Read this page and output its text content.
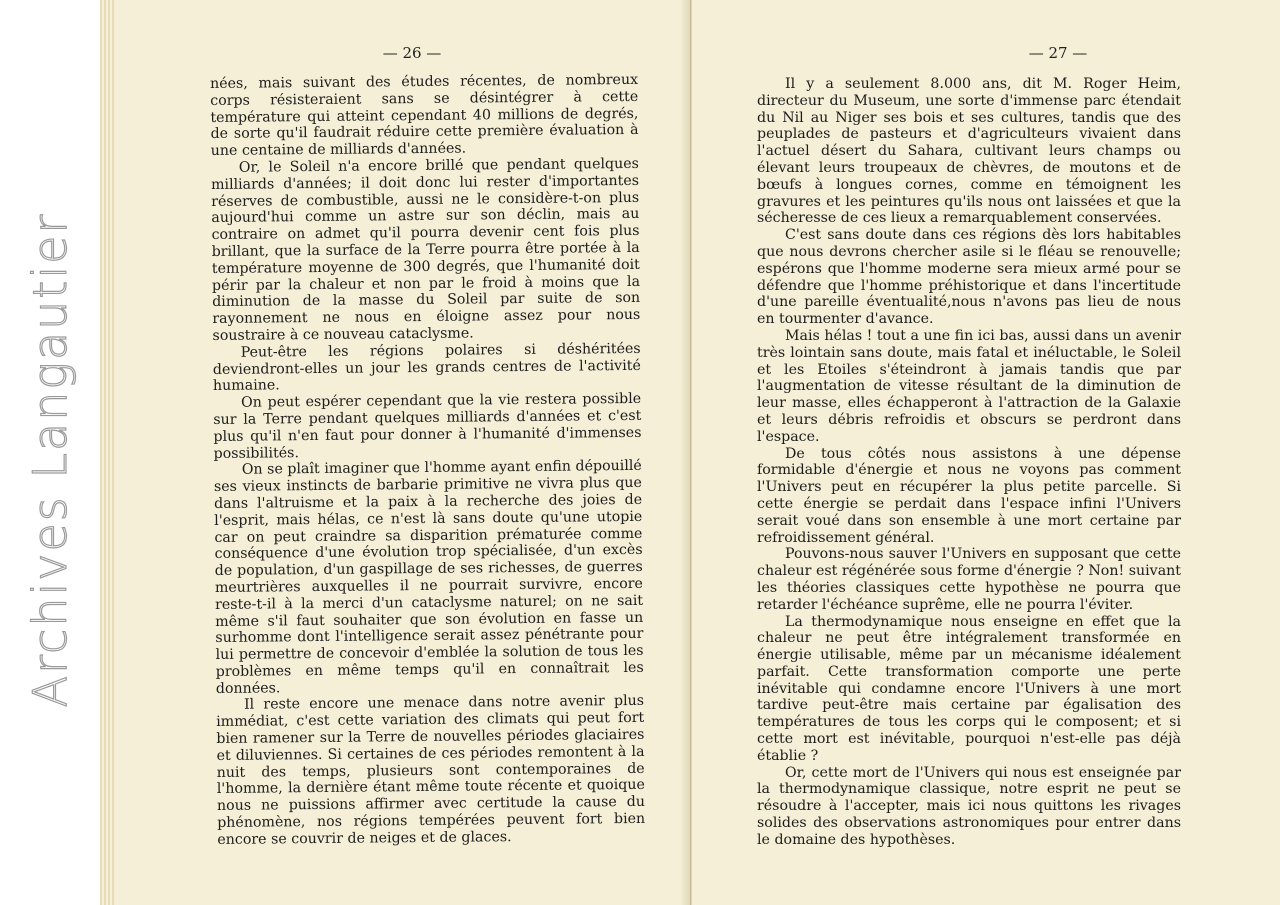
Archives Langautier
— 26 —

nées, mais suivant des études récentes, de nombreux corps résisteraient sans se désintégrer à cette température qui atteint cependant 40 millions de degrés, de sorte qu'il faudrait réduire cette première évaluation à une centaine de milliards d'années.

Or, le Soleil n'a encore brillé que pendant quelques milliards d'années; il doit donc lui rester d'importantes réserves de combustible, aussi ne le considère-t-on plus aujourd'hui comme un astre sur son déclin, mais au contraire on admet qu'il pourra devenir cent fois plus brillant, que la surface de la Terre pourra être portée à la température moyenne de 300 degrés, que l'humanité doit périr par la chaleur et non par le froid à moins que la diminution de la masse du Soleil par suite de son rayonnement ne nous en éloigne assez pour nous soustraire à ce nouveau cataclysme.

Peut-être les régions polaires si déshéritées deviendront-elles un jour les grands centres de l'activité humaine.

On peut espérer cependant que la vie restera possible sur la Terre pendant quelques milliards d'années et c'est plus qu'il n'en faut pour donner à l'humanité d'immenses possibilités.

On se plaît imaginer que l'homme ayant enfin dépouillé ses vieux instincts de barbarie primitive ne vivra plus que dans l'altruisme et la paix à la recherche des joies de l'esprit, mais hélas, ce n'est là sans doute qu'une utopie car on peut craindre sa disparition prématurée comme conséquence d'une évolution trop spécialisée, d'un excès de population, d'un gaspillage de ses richesses, de guerres meurtrières auxquelles il ne pourrait survivre, encore reste-t-il à la merci d'un cataclysme naturel; on ne sait même s'il faut souhaiter que son évolution en fasse un surhomme dont l'intelligence serait assez pénétrante pour lui permettre de concevoir d'emblée la solution de tous les problèmes en même temps qu'il en connaîtrait les données.

Il reste encore une menace dans notre avenir plus immédiat, c'est cette variation des climats qui peut fort bien ramener sur la Terre de nouvelles périodes glaciaires et diluviennes. Si certaines de ces périodes remontent à la nuit des temps, plusieurs sont contemporaines de l'homme, la dernière étant même toute récente et quoique nous ne puissions affirmer avec certitude la cause du phénomène, nos régions tempérées peuvent fort bien encore se couvrir de neiges et de glaces.

— 27 —

Il y a seulement 8.000 ans, dit M. Roger Heim, directeur du Museum, une sorte d'immense parc étendait du Nil au Niger ses bois et ses cultures, tandis que des peuplades de pasteurs et d'agriculteurs vivaient dans l'actuel désert du Sahara, cultivant leurs champs ou élevant leurs troupeaux de chèvres, de moutons et de bœufs à longues cornes, comme en témoignent les gravures et les peintures qu'ils nous ont laissées et que la sécheresse de ces lieux a remarquablement conservées.

C'est sans doute dans ces régions dès lors habitables que nous devrons chercher asile si le fléau se renouvelle; espérons que l'homme moderne sera mieux armé pour se défendre que l'homme préhistorique et dans l'incertitude d'une pareille éventualité,nous n'avons pas lieu de nous en tourmenter d'avance.

Mais hélas ! tout a une fin ici bas, aussi dans un avenir très lointain sans doute, mais fatal et inéluctable, le Soleil et les Etoiles s'éteindront à jamais tandis que par l'augmentation de vitesse résultant de la diminution de leur masse, elles échapperont à l'attraction de la Galaxie et leurs débris refroidis et obscurs se perdront dans l'espace.

De tous côtés nous assistons à une dépense formidable d'énergie et nous ne voyons pas comment l'Univers peut en récupérer la plus petite parcelle. Si cette énergie se perdait dans l'espace infini l'Univers serait voué dans son ensemble à une mort certaine par refroidissement général.

Pouvons-nous sauver l'Univers en supposant que cette chaleur est régénérée sous forme d'énergie ? Non! suivant les théories classiques cette hypothèse ne pourra que retarder l'échéance suprême, elle ne pourra l'éviter.

La thermodynamique nous enseigne en effet que la chaleur ne peut être intégralement transformée en énergie utilisable, même par un mécanisme idéalement parfait. Cette transformation comporte une perte inévitable qui condamne encore l'Univers à une mort tardive peut-être mais certaine par égalisation des températures de tous les corps qui le composent; et si cette mort est inévitable, pourquoi n'est-elle pas déjà établie ?

Or, cette mort de l'Univers qui nous est enseignée par la thermodynamique classique, notre esprit ne peut se résoudre à l'accepter, mais ici nous quittons les rivages solides des observations astronomiques pour entrer dans le domaine des hypothèses.
